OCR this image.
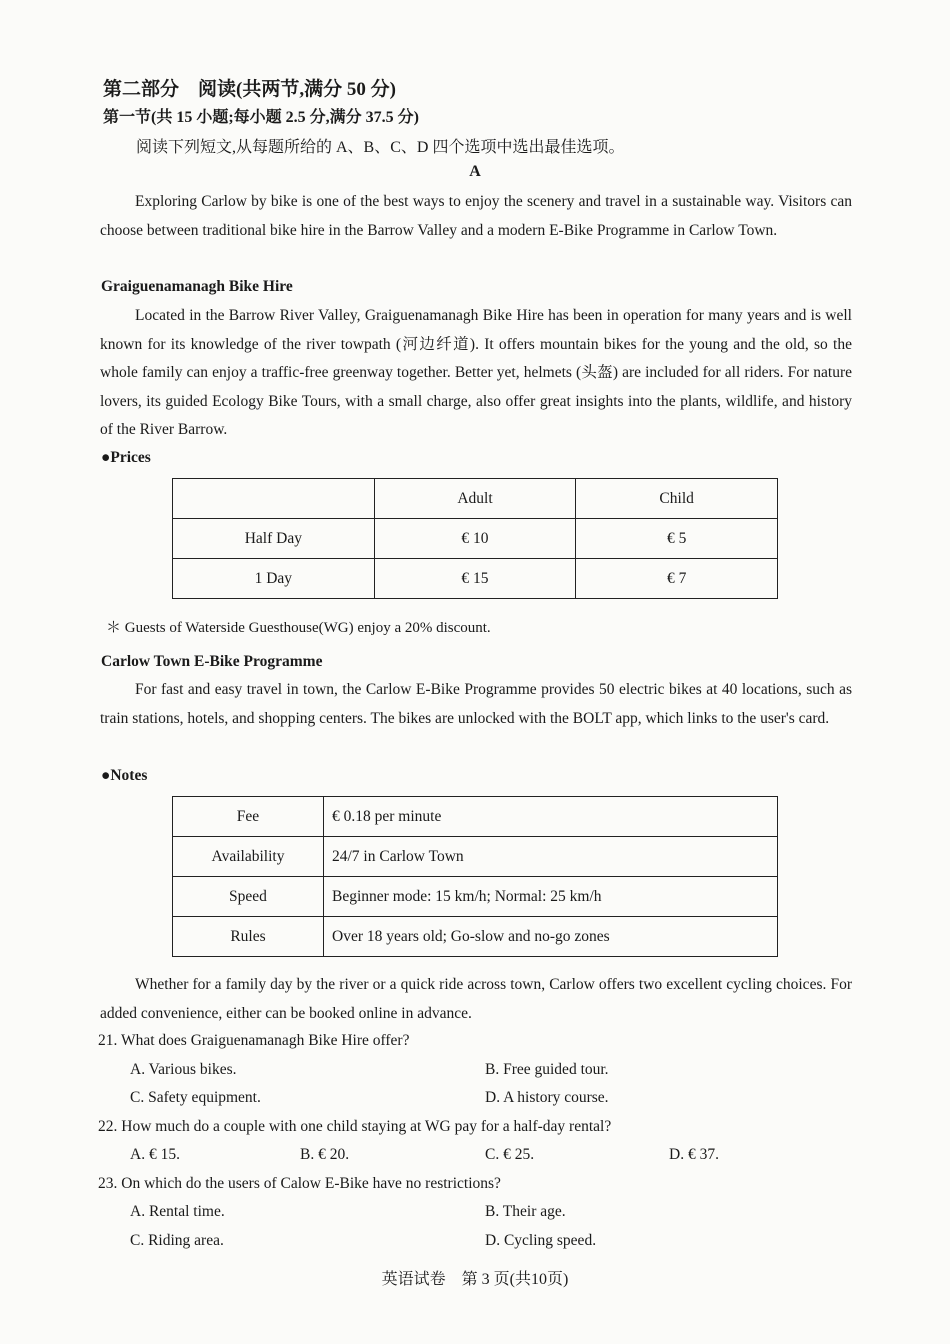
第二部分　阅读(共两节,满分 50 分)
第一节(共 15 小题;每小题 2.5 分,满分 37.5 分)
阅读下列短文,从每题所给的 A、B、C、D 四个选项中选出最佳选项。
A
Exploring Carlow by bike is one of the best ways to enjoy the scenery and travel in a sustainable way. Visitors can choose between traditional bike hire in the Barrow Valley and a modern E-Bike Programme in Carlow Town.
Graiguenamanagh Bike Hire
Located in the Barrow River Valley, Graiguenamanagh Bike Hire has been in operation for many years and is well known for its knowledge of the river towpath (河边纤道). It offers mountain bikes for the young and the old, so the whole family can enjoy a traffic-free greenway together. Better yet, helmets (头盔) are included for all riders. For nature lovers, its guided Ecology Bike Tours, with a small charge, also offer great insights into the plants, wildlife, and history of the River Barrow.
●Prices
	Adult	Child
Half Day	€ 10	€ 5
1 Day	€ 15	€ 7
＊ Guests of Waterside Guesthouse(WG) enjoy a 20% discount.
Carlow Town E-Bike Programme
For fast and easy travel in town, the Carlow E-Bike Programme provides 50 electric bikes at 40 locations, such as train stations, hotels, and shopping centers. The bikes are unlocked with the BOLT app, which links to the user's card.
●Notes
Fee	€ 0.18 per minute
Availability	24/7 in Carlow Town
Speed	Beginner mode: 15 km/h; Normal: 25 km/h
Rules	Over 18 years old; Go-slow and no-go zones
Whether for a family day by the river or a quick ride across town, Carlow offers two excellent cycling choices. For added convenience, either can be booked online in advance.
21. What does Graiguenamanagh Bike Hire offer?
A. Various bikes.	B. Free guided tour.
C. Safety equipment.	D. A history course.
22. How much do a couple with one child staying at WG pay for a half-day rental?
A. € 15.	B. € 20.	C. € 25.	D. € 37.
23. On which do the users of Calow E-Bike have no restrictions?
A. Rental time.	B. Their age.
C. Riding area.	D. Cycling speed.
英语试卷　第 3 页(共10页)
